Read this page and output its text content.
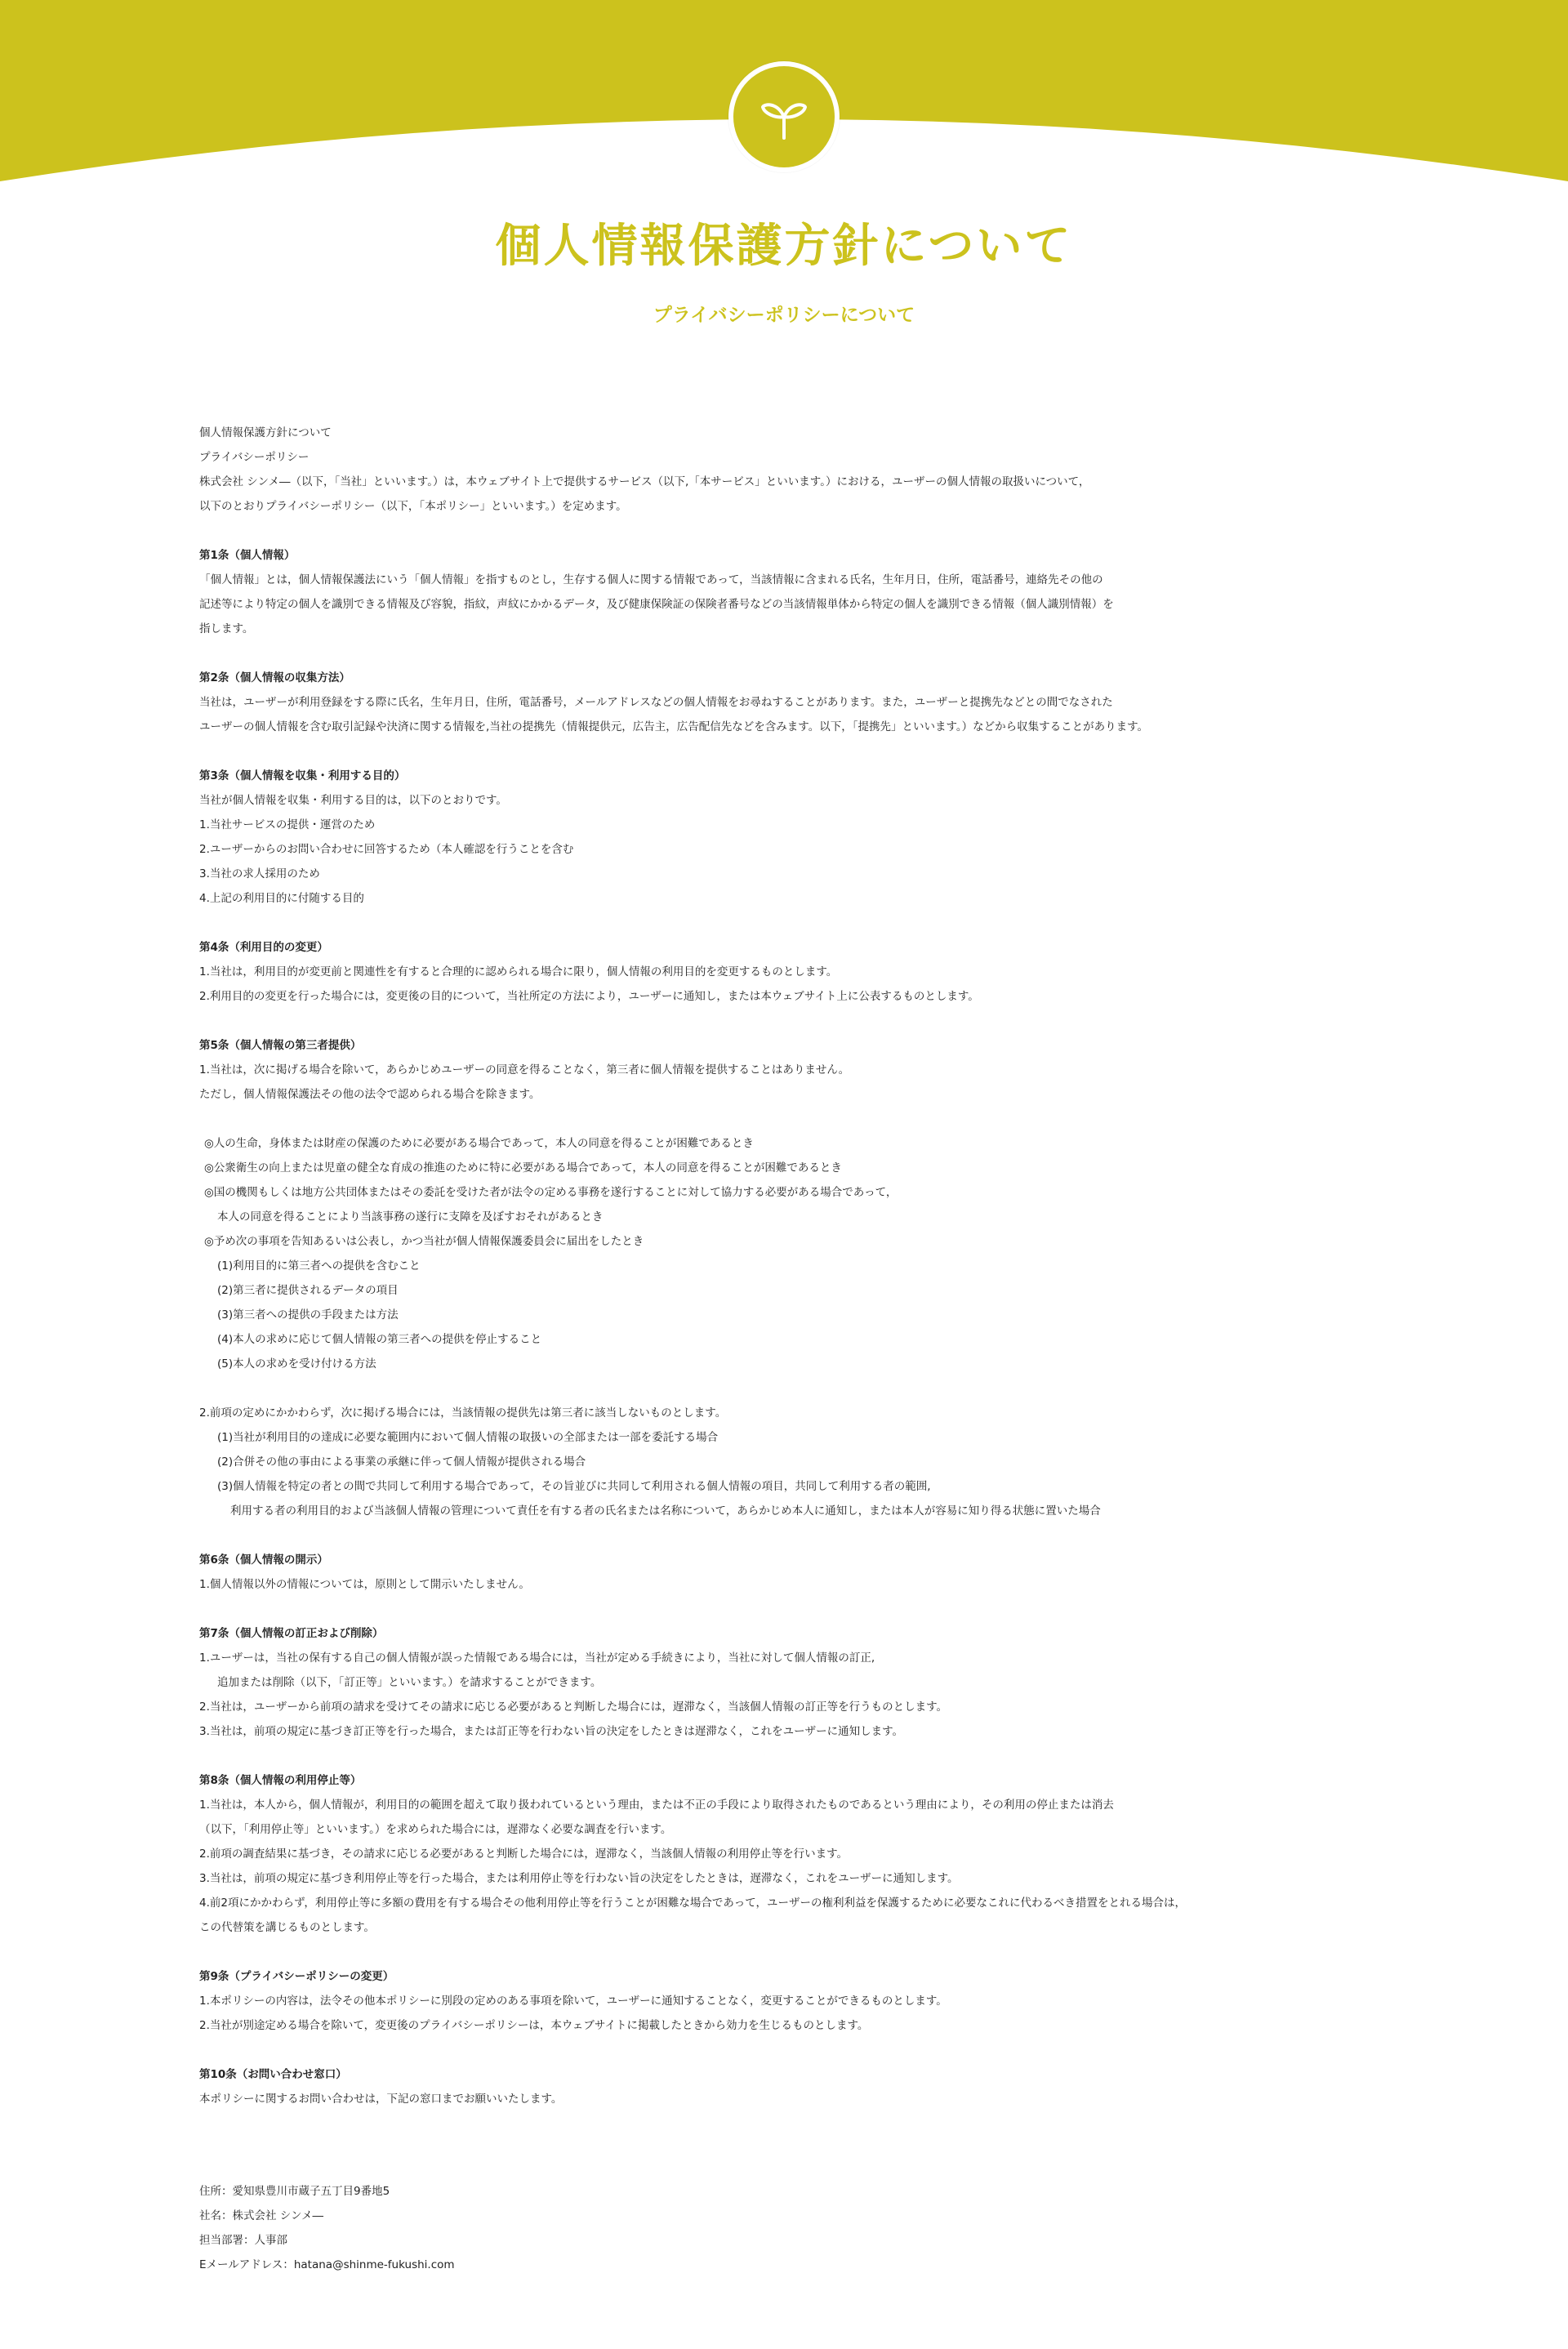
個人情報保護方針について
プライバシーポリシーについて
個人情報保護方針について
プライバシーポリシー
株式会社 シンメ―（以下，「当社」といいます。）は，本ウェブサイト上で提供するサービス（以下,「本サービス」といいます。）における，ユーザーの個人情報の取扱いについて，
以下のとおりプライバシーポリシー（以下，「本ポリシー」といいます。）を定めます。
第1条（個人情報）
「個人情報」とは，個人情報保護法にいう「個人情報」を指すものとし，生存する個人に関する情報であって，当該情報に含まれる氏名，生年月日，住所，電話番号，連絡先その他の
記述等により特定の個人を識別できる情報及び容貌，指紋，声紋にかかるデータ，及び健康保険証の保険者番号などの当該情報単体から特定の個人を識別できる情報（個人識別情報）を
指します。
第2条（個人情報の収集方法）
当社は，ユーザーが利用登録をする際に氏名，生年月日，住所，電話番号，メールアドレスなどの個人情報をお尋ねすることがあります。また，ユーザーと提携先などとの間でなされた
ユーザーの個人情報を含む取引記録や決済に関する情報を,当社の提携先（情報提供元，広告主，広告配信先などを含みます。以下，「提携先」といいます。）などから収集することがあります。
第3条（個人情報を収集・利用する目的）
当社が個人情報を収集・利用する目的は，以下のとおりです。
1.当社サービスの提供・運営のため
2.ユーザーからのお問い合わせに回答するため（本人確認を行うことを含む
3.当社の求人採用のため
4.上記の利用目的に付随する目的
第4条（利用目的の変更）
1.当社は，利用目的が変更前と関連性を有すると合理的に認められる場合に限り，個人情報の利用目的を変更するものとします。
2.利用目的の変更を行った場合には，変更後の目的について，当社所定の方法により，ユーザーに通知し，または本ウェブサイト上に公表するものとします。
第5条（個人情報の第三者提供）
1.当社は，次に掲げる場合を除いて，あらかじめユーザーの同意を得ることなく，第三者に個人情報を提供することはありません。
ただし，個人情報保護法その他の法令で認められる場合を除きます。
◎人の生命，身体または財産の保護のために必要がある場合であって，本人の同意を得ることが困難であるとき
◎公衆衛生の向上または児童の健全な育成の推進のために特に必要がある場合であって，本人の同意を得ることが困難であるとき
◎国の機関もしくは地方公共団体またはその委託を受けた者が法令の定める事務を遂行することに対して協力する必要がある場合であって，
本人の同意を得ることにより当該事務の遂行に支障を及ぼすおそれがあるとき
◎予め次の事項を告知あるいは公表し，かつ当社が個人情報保護委員会に届出をしたとき
(1)利用目的に第三者への提供を含むこと
(2)第三者に提供されるデータの項目
(3)第三者への提供の手段または方法
(4)本人の求めに応じて個人情報の第三者への提供を停止すること
(5)本人の求めを受け付ける方法
2.前項の定めにかかわらず，次に掲げる場合には，当該情報の提供先は第三者に該当しないものとします。
(1)当社が利用目的の達成に必要な範囲内において個人情報の取扱いの全部または一部を委託する場合
(2)合併その他の事由による事業の承継に伴って個人情報が提供される場合
(3)個人情報を特定の者との間で共同して利用する場合であって，その旨並びに共同して利用される個人情報の項目，共同して利用する者の範囲,
利用する者の利用目的および当該個人情報の管理について責任を有する者の氏名または名称について，あらかじめ本人に通知し，または本人が容易に知り得る状態に置いた場合
第6条（個人情報の開示）
1.個人情報以外の情報については，原則として開示いたしません。
第7条（個人情報の訂正および削除）
1.ユーザーは，当社の保有する自己の個人情報が誤った情報である場合には，当社が定める手続きにより，当社に対して個人情報の訂正,
追加または削除（以下，「訂正等」といいます。）を請求することができます。
2.当社は，ユーザーから前項の請求を受けてその請求に応じる必要があると判断した場合には，遅滞なく，当該個人情報の訂正等を行うものとします。
3.当社は，前項の規定に基づき訂正等を行った場合，または訂正等を行わない旨の決定をしたときは遅滞なく，これをユーザーに通知します。
第8条（個人情報の利用停止等）
1.当社は，本人から，個人情報が，利用目的の範囲を超えて取り扱われているという理由，または不正の手段により取得されたものであるという理由により，その利用の停止または消去
（以下，「利用停止等」といいます。）を求められた場合には，遅滞なく必要な調査を行います。
2.前項の調査結果に基づき，その請求に応じる必要があると判断した場合には，遅滞なく，当該個人情報の利用停止等を行います。
3.当社は，前項の規定に基づき利用停止等を行った場合，または利用停止等を行わない旨の決定をしたときは，遅滞なく，これをユーザーに通知します。
4.前2項にかかわらず，利用停止等に多額の費用を有する場合その他利用停止等を行うことが困難な場合であって，ユーザーの権利利益を保護するために必要なこれに代わるべき措置をとれる場合は，
この代替策を講じるものとします。
第9条（プライバシーポリシーの変更）
1.本ポリシーの内容は，法令その他本ポリシーに別段の定めのある事項を除いて，ユーザーに通知することなく，変更することができるものとします。
2.当社が別途定める場合を除いて，変更後のプライバシーポリシーは，本ウェブサイトに掲載したときから効力を生じるものとします。
第10条（お問い合わせ窓口）
本ポリシーに関するお問い合わせは，下記の窓口までお願いいたします。
住所：愛知県豊川市蔵子五丁目9番地5
社名：株式会社 シンメ―
担当部署：人事部
Eメールアドレス：hatana@shinme-fukushi.com
